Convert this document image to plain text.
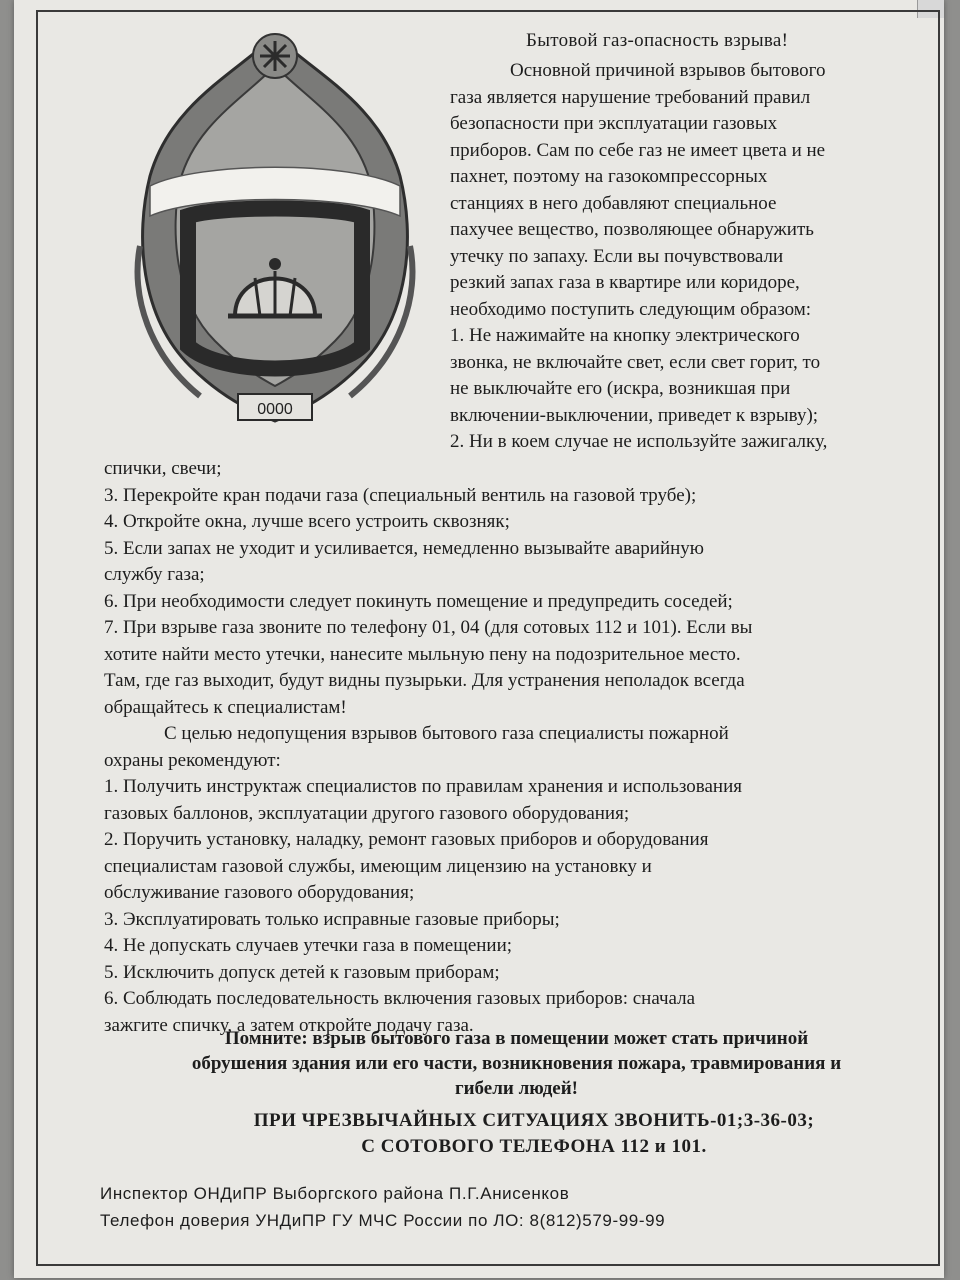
0000
Бытовой газ-опасность взрыва!
Основной причиной взрывов бытового
газа является нарушение требований правил
безопасности при эксплуатации газовых
приборов. Сам по себе газ не имеет цвета и не
пахнет, поэтому на газокомпрессорных
станциях в него добавляют специальное
пахучее вещество, позволяющее обнаружить
утечку по запаху. Если вы почувствовали
резкий запах газа в квартире или коридоре,
необходимо поступить следующим образом:
1. Не нажимайте на кнопку электрического
звонка, не включайте свет, если свет горит, то
не выключайте его (искра, возникшая при
включении-выключении, приведет к взрыву);
2. Ни в коем случае не используйте зажигалку,
спички, свечи;
3. Перекройте кран подачи газа (специальный вентиль на газовой трубе);
4. Откройте окна, лучше всего устроить сквозняк;
5. Если запах не уходит и усиливается, немедленно вызывайте аварийную
службу газа;
6. При необходимости следует покинуть помещение и предупредить соседей;
7. При взрыве газа звоните по телефону 01, 04 (для сотовых 112 и 101). Если вы
хотите найти место утечки, нанесите мыльную пену на подозрительное место.
Там, где газ выходит, будут видны пузырьки. Для устранения неполадок всегда
обращайтесь к специалистам!
С целью недопущения взрывов бытового газа специалисты пожарной
охраны рекомендуют:
1. Получить инструктаж специалистов по правилам хранения и использования
газовых баллонов, эксплуатации другого газового оборудования;
2. Поручить установку, наладку, ремонт газовых приборов и оборудования
специалистам газовой службы, имеющим лицензию на установку и
обслуживание газового оборудования;
3. Эксплуатировать только исправные газовые приборы;
4. Не допускать случаев утечки газа в помещении;
5. Исключить допуск детей к газовым приборам;
6. Соблюдать последовательность включения газовых приборов: сначала
зажгите спичку, а затем откройте подачу газа.
Помните: взрыв бытового газа в помещении может стать причиной
обрушения здания или его части, возникновения пожара, травмирования и
гибели людей!
ПРИ ЧРЕЗВЫЧАЙНЫХ СИТУАЦИЯХ ЗВОНИТЬ-01;3-36-03;
С СОТОВОГО ТЕЛЕФОНА 112 и 101.
Инспектор ОНДиПР Выборгского района П.Г.Анисенков
Телефон доверия УНДиПР ГУ МЧС России по ЛО: 8(812)579-99-99
